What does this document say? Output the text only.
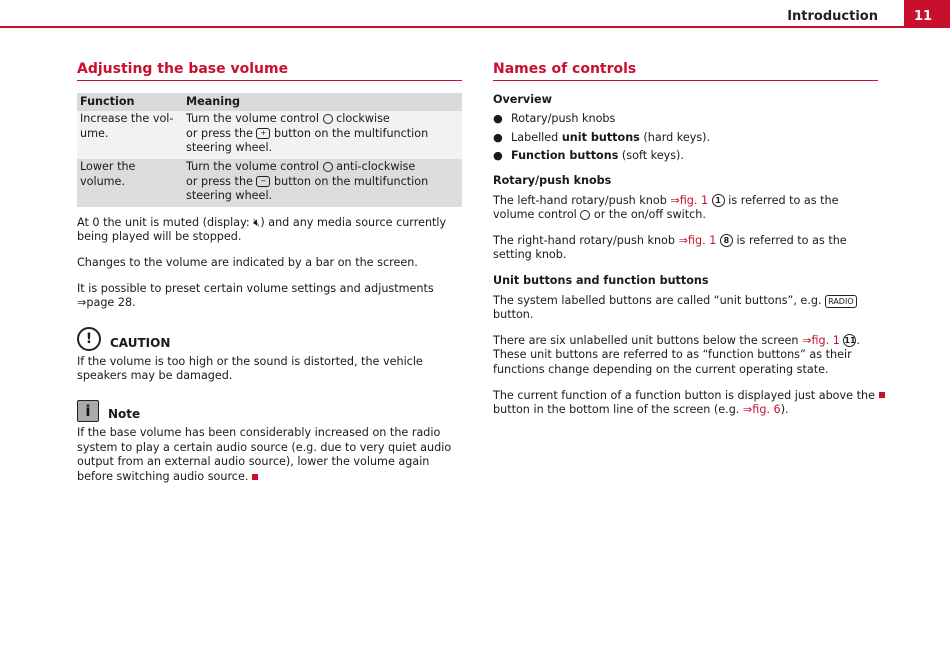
Introduction	11
Adjusting the base volume
Function	Meaning
Increase the vol- ume.	Turn the volume control clockwise
or press the + button on the multifunction steering wheel.
Lower the volume.	Turn the volume control anti-clockwise
or press the − button on the multifunction steering wheel.

At 0 the unit is muted (display: 🔇︎) and any media source currently being played will be stopped.

Changes to the volume are indicated by a bar on the screen.

It is possible to preset certain volume settings and adjustments
⇒page 28.

!	CAUTION

If the volume is too high or the sound is distorted, the vehicle speakers may be damaged.

i	Note

If the base volume has been considerably increased on the radio system to play a certain audio source (e.g. due to very quiet audio output from an external audio source), lower the volume again before switching audio source.

Names of controls
Overview
● Rotary/push knobs
● Labelled unit buttons (hard keys).
● Function buttons (soft keys).
Rotary/push knobs

The left-hand rotary/push knob ⇒fig. 1 1 is referred to as the volume control or the on/off switch.

The right-hand rotary/push knob ⇒fig. 1 8 is referred to as the setting knob.

Unit buttons and function buttons

The system labelled buttons are called “unit buttons”, e.g. RADIO button.

There are six unlabelled unit buttons below the screen ⇒fig. 1 11. These unit buttons are referred to as “function buttons” as their functions change depending on the current operating state.

The current function of a function button is displayed just above the button in the bottom line of the screen (e.g. ⇒fig. 6).
